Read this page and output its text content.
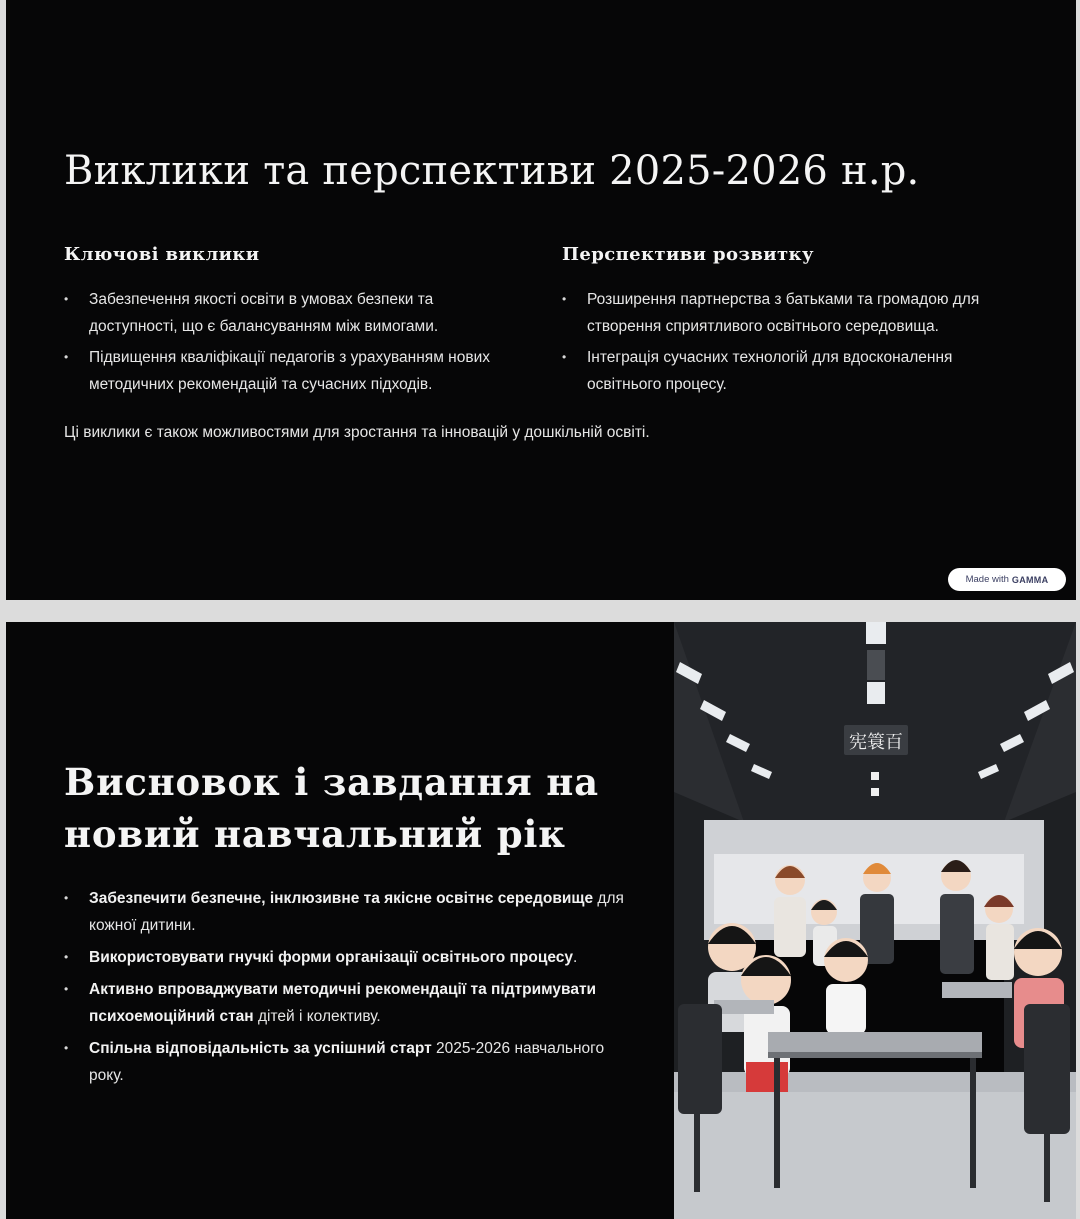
Виклики та перспективи 2025-2026 н.р.
Ключові виклики

• Забезпечення якості освіти в умовах безпеки та доступності, що є балансуванням між вимогами.

• Підвищення кваліфікації педагогів з урахуванням нових методичних рекомендацій та сучасних підходів.

Перспективи розвитку

• Розширення партнерства з батьками та громадою для створення сприятливого освітнього середовища.

• Інтеграція сучасних технологій для вдосконалення освітнього процесу.

Ці виклики є також можливостями для зростання та інновацій у дошкільній освіті.

Made with GAMMA
Висновок і завдання на новий навчальний рік

• Забезпечити безпечне, інклюзивне та якісне освітнє середовище для кожної дитини.

• Використовувати гнучкі форми організації освітнього процесу.

• Активно впроваджувати методичні рекомендації та підтримувати психоемоційний стан дітей і колективу.

• Спільна відповідальність за успішний старт 2025-2026 навчального року.

宪簑百
